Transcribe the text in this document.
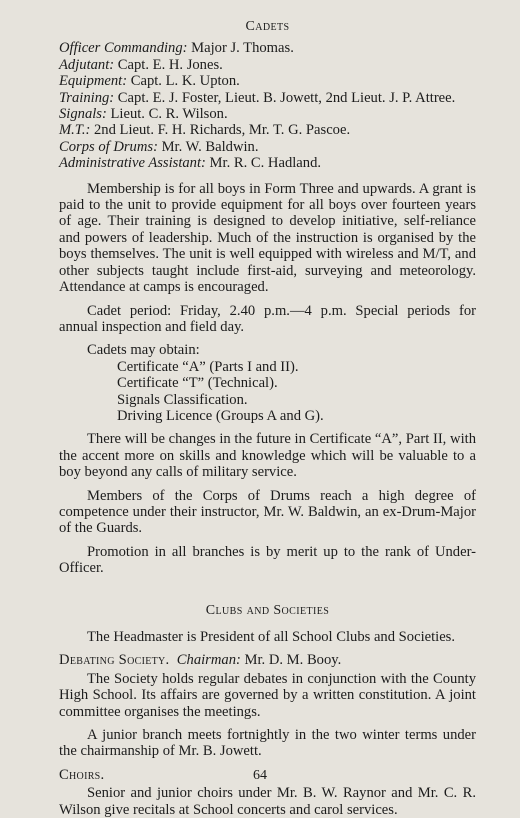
Cadets

Officer Commanding: Major J. Thomas.

Adjutant: Capt. E. H. Jones.

Equipment: Capt. L. K. Upton.

Training: Capt. E. J. Foster, Lieut. B. Jowett, 2nd Lieut. J. P. Attree.

Signals: Lieut. C. R. Wilson.

M.T.: 2nd Lieut. F. H. Richards, Mr. T. G. Pascoe.

Corps of Drums: Mr. W. Baldwin.

Administrative Assistant: Mr. R. C. Hadland.

Membership is for all boys in Form Three and upwards. A grant is paid to the unit to provide equipment for all boys over fourteen years of age. Their training is designed to develop initiative, self-reliance and powers of leadership. Much of the instruction is organised by the boys themselves. The unit is well equipped with wireless and M/T, and other subjects taught include first-aid, surveying and meteorology. Attendance at camps is encouraged.

Cadet period: Friday, 2.40 p.m.—4 p.m. Special periods for annual inspection and field day.

Cadets may obtain:

Certificate “A” (Parts I and II).
Certificate “T” (Technical).
Signals Classification.
Driving Licence (Groups A and G).

There will be changes in the future in Certificate “A”, Part II, with the accent more on skills and knowledge which will be valuable to a boy beyond any calls of military service.

Members of the Corps of Drums reach a high degree of competence under their instructor, Mr. W. Baldwin, an ex-Drum-Major of the Guards.

Promotion in all branches is by merit up to the rank of Under-Officer.

Clubs and Societies

The Headmaster is President of all School Clubs and Societies.

Debating Society. Chairman: Mr. D. M. Booy.

The Society holds regular debates in conjunction with the County High School. Its affairs are governed by a written constitution. A joint committee organises the meetings.

A junior branch meets fortnightly in the two winter terms under the chairmanship of Mr. B. Jowett.

Choirs.

Senior and junior choirs under Mr. B. W. Raynor and Mr. C. R. Wilson give recitals at School concerts and carol services.

64
